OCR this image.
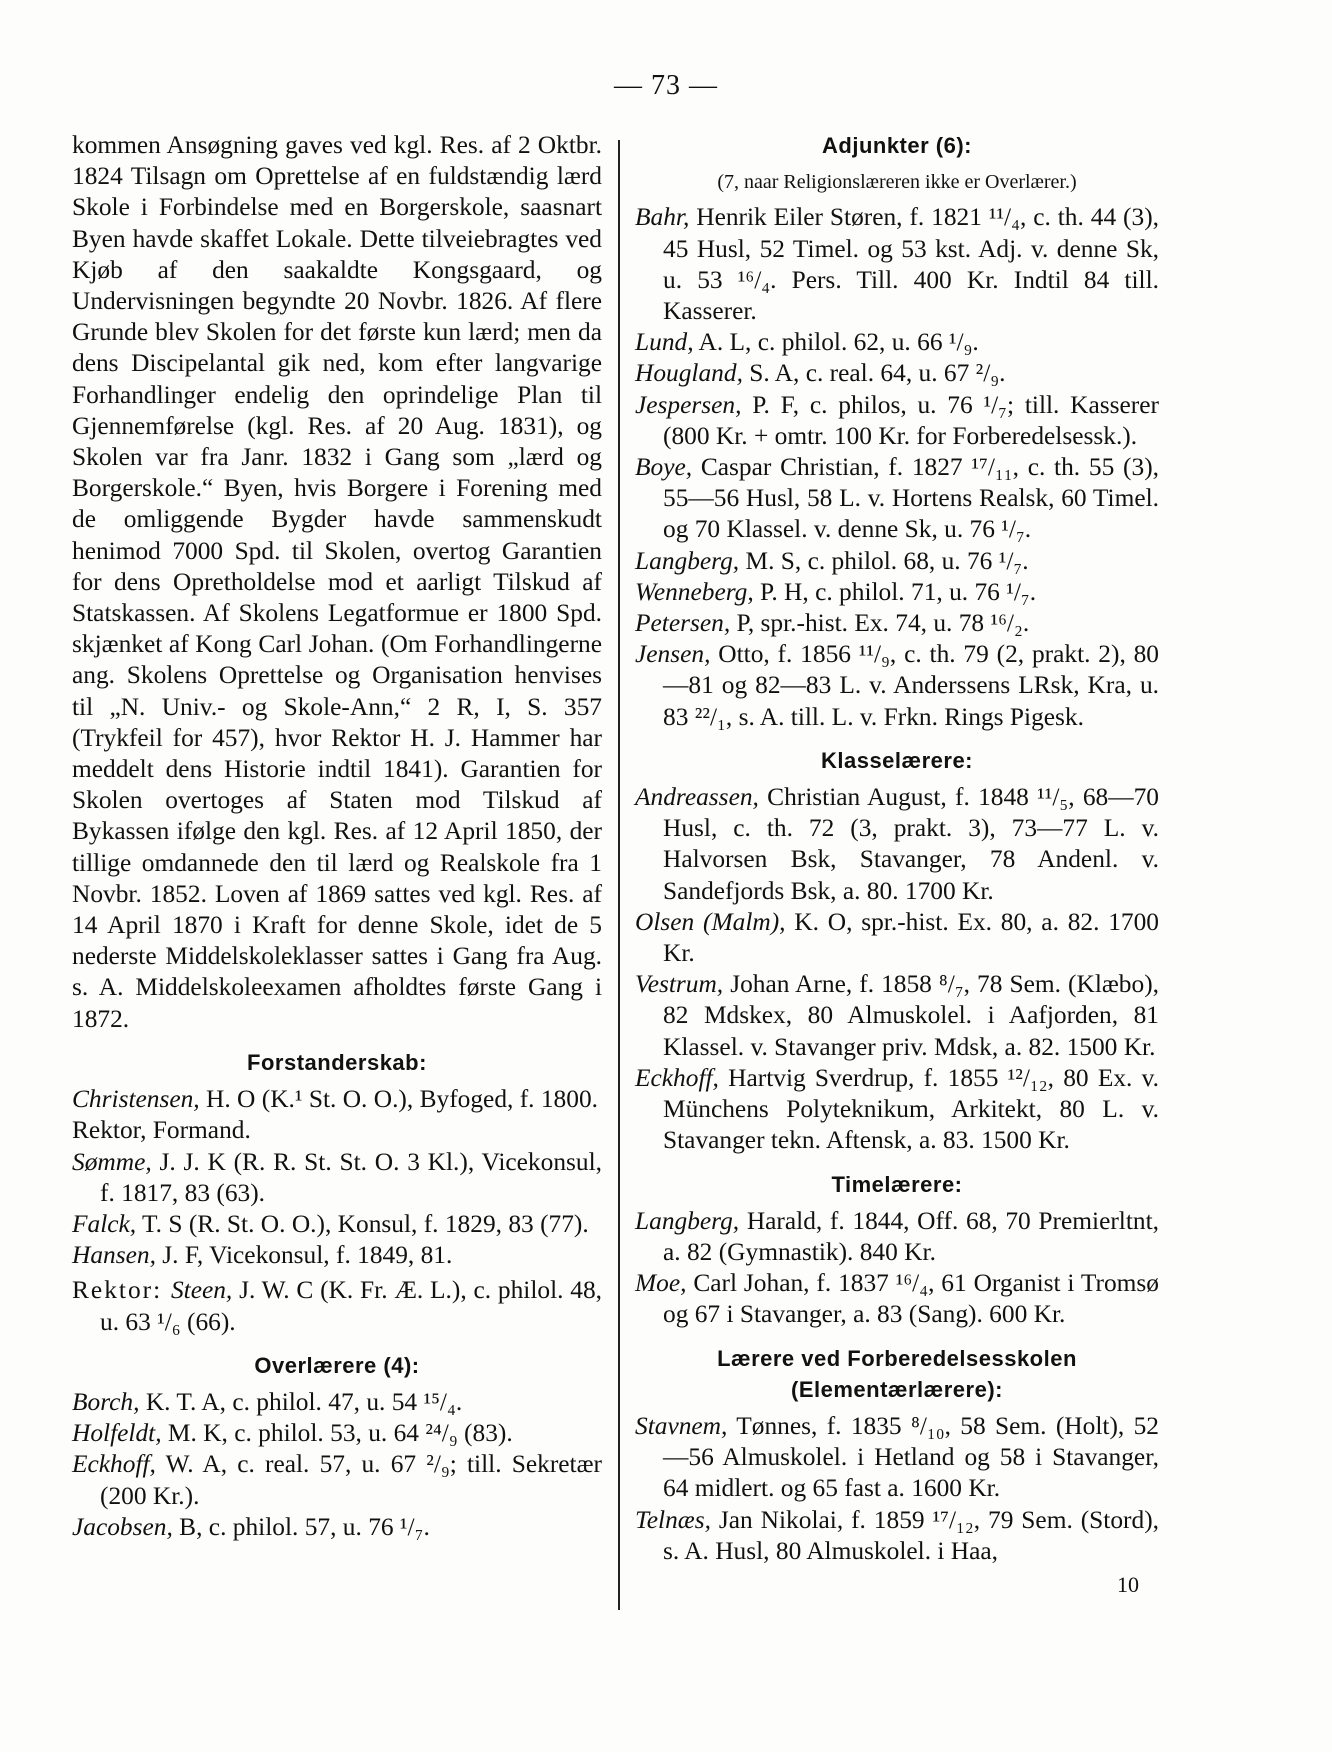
— 73 —

kommen Ansøgning gaves ved kgl. Res. af 2 Oktbr. 1824 Tilsagn om Oprettelse af en fuldstændig lærd Skole i Forbindelse med en Borgerskole, saasnart Byen havde skaffet Lokale. Dette tilveiebragtes ved Kjøb af den saakaldte Kongsgaard, og Undervisningen begyndte 20 Novbr. 1826. Af flere Grunde blev Skolen for det første kun lærd; men da dens Discipelantal gik ned, kom efter langvarige Forhandlinger endelig den oprindelige Plan til Gjennemførelse (kgl. Res. af 20 Aug. 1831), og Skolen var fra Janr. 1832 i Gang som „lærd og Borgerskole.“ Byen, hvis Borgere i Forening med de omliggende Bygder havde sammenskudt henimod 7000 Spd. til Skolen, overtog Garantien for dens Opretholdelse mod et aarligt Tilskud af Statskassen. Af Skolens Legatformue er 1800 Spd. skjænket af Kong Carl Johan. (Om Forhandlingerne ang. Skolens Oprettelse og Organisation henvises til „N. Univ.- og Skole-Ann,“ 2 R, I, S. 357 (Trykfeil for 457), hvor Rektor H. J. Hammer har meddelt dens Historie indtil 1841). Garantien for Skolen overtoges af Staten mod Tilskud af Bykassen ifølge den kgl. Res. af 12 April 1850, der tillige omdannede den til lærd og Realskole fra 1 Novbr. 1852. Loven af 1869 sattes ved kgl. Res. af 14 April 1870 i Kraft for denne Skole, idet de 5 nederste Middelskoleklasser sattes i Gang fra Aug. s. A. Middelskoleexamen afholdtes første Gang i 1872.

Forstanderskab:

Christensen, H. O (K.¹ St. O. O.), Byfoged, f. 1800.

Rektor, Formand.

Sømme, J. J. K (R. R. St. St. O. 3 Kl.), Vicekonsul, f. 1817, 83 (63).

Falck, T. S (R. St. O. O.), Konsul, f. 1829, 83 (77).

Hansen, J. F, Vicekonsul, f. 1849, 81.

Rektor: Steen, J. W. C (K. Fr. Æ. L.), c. philol. 48, u. 63 ¹/₆ (66).

Overlærere (4):

Borch, K. T. A, c. philol. 47, u. 54 ¹⁵/₄.

Holfeldt, M. K, c. philol. 53, u. 64 ²⁴/₉ (83).

Eckhoff, W. A, c. real. 57, u. 67 ²/₉; till. Sekretær (200 Kr.).

Jacobsen, B, c. philol. 57, u. 76 ¹/₇.

Adjunkter (6):
(7, naar Religionslæreren ikke er Overlærer.)

Bahr, Henrik Eiler Støren, f. 1821 ¹¹/₄, c. th. 44 (3), 45 Husl, 52 Timel. og 53 kst. Adj. v. denne Sk, u. 53 ¹⁶/₄. Pers. Till. 400 Kr. Indtil 84 till. Kasserer.

Lund, A. L, c. philol. 62, u. 66 ¹/₉.

Hougland, S. A, c. real. 64, u. 67 ²/₉.

Jespersen, P. F, c. philos, u. 76 ¹/₇; till. Kasserer (800 Kr. + omtr. 100 Kr. for Forberedelsessk.).

Boye, Caspar Christian, f. 1827 ¹⁷/₁₁, c. th. 55 (3), 55—56 Husl, 58 L. v. Hortens Realsk, 60 Timel. og 70 Klassel. v. denne Sk, u. 76 ¹/₇.

Langberg, M. S, c. philol. 68, u. 76 ¹/₇.

Wenneberg, P. H, c. philol. 71, u. 76 ¹/₇.

Petersen, P, spr.-hist. Ex. 74, u. 78 ¹⁶/₂.

Jensen, Otto, f. 1856 ¹¹/₉, c. th. 79 (2, prakt. 2), 80—81 og 82—83 L. v. Anderssens LRsk, Kra, u. 83 ²²/₁, s. A. till. L. v. Frkn. Rings Pigesk.

Klasselærere:

Andreassen, Christian August, f. 1848 ¹¹/₅, 68—70 Husl, c. th. 72 (3, prakt. 3), 73—77 L. v. Halvorsen Bsk, Stavanger, 78 Andenl. v. Sandefjords Bsk, a. 80. 1700 Kr.

Olsen (Malm), K. O, spr.-hist. Ex. 80, a. 82. 1700 Kr.

Vestrum, Johan Arne, f. 1858 ⁸/₇, 78 Sem. (Klæbo), 82 Mdskex, 80 Almuskolel. i Aafjorden, 81 Klassel. v. Stavanger priv. Mdsk, a. 82. 1500 Kr.

Eckhoff, Hartvig Sverdrup, f. 1855 ¹²/₁₂, 80 Ex. v. Münchens Polyteknikum, Arkitekt, 80 L. v. Stavanger tekn. Aftensk, a. 83. 1500 Kr.

Timelærere:

Langberg, Harald, f. 1844, Off. 68, 70 Premierltnt, a. 82 (Gymnastik). 840 Kr.

Moe, Carl Johan, f. 1837 ¹⁶/₄, 61 Organist i Tromsø og 67 i Stavanger, a. 83 (Sang). 600 Kr.

Lærere ved Forberedelsesskolen (Elementærlærere):

Stavnem, Tønnes, f. 1835 ⁸/₁₀, 58 Sem. (Holt), 52—56 Almuskolel. i Hetland og 58 i Stavanger, 64 midlert. og 65 fast a. 1600 Kr.

Telnæs, Jan Nikolai, f. 1859 ¹⁷/₁₂, 79 Sem. (Stord), s. A. Husl, 80 Almuskolel. i Haa,

10
